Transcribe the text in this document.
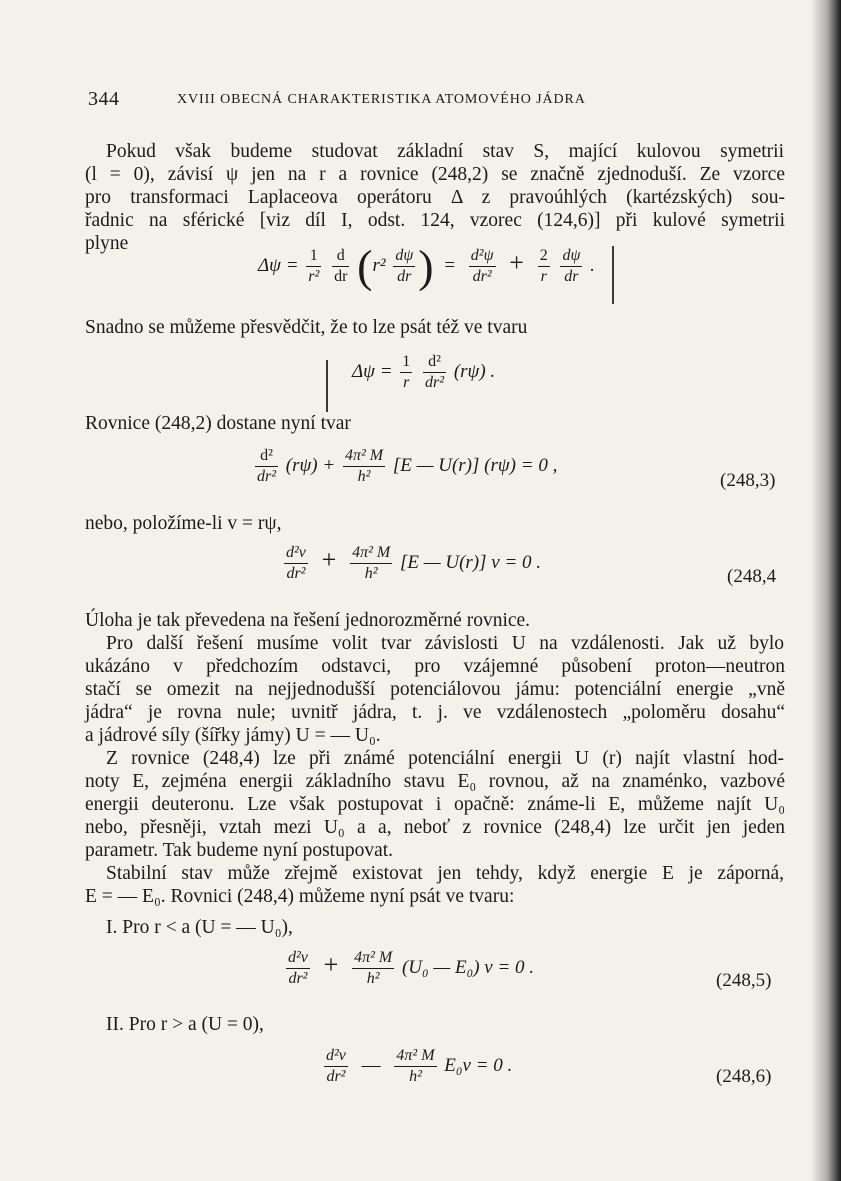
344	XVIII OBECNÁ CHARAKTERISTIKA ATOMOVÉHO JÁDRA
Pokud však budeme studovat základní stav S, mající kulovou symetrii
(l = 0), závisí ψ jen na r a rovnice (248,2) se značně zjednoduší. Ze vzorce
pro transformaci Laplaceova operátoru Δ z pravoúhlých (kartézských) sou-
řadnic na sférické [viz díl I, odst. 124, vzorec (124,6)] při kulové symetrii
plyne
$\Delta\psi = \frac{1}{\text{r²}}$
$\frac{d}{dr} (r^2 \frac{d\psi}{dr}$ ) = $\frac{\text{d²ψ}}{\text{dr²}} + \frac{2}{r}$
$\frac{d\psi}{dr}$ .
Snadno se můžeme přesvědčit, že to lze psát též ve tvaru
$\Delta\psi = \frac{1}{r}$
$\frac{\text{d²}}{\text{dr²}} (r\psi)$ .
Rovnice (248,2) dostane nyní tvar
$\frac{\text{d²}}{\text{dr²}} (r\psi) + \frac{\text{4π² M}}{\text{h²}} [E$ — U(r)] (rψ) = 0 ,
(248,3)
nebo, položíme-li v = rψ,
$\frac{\text{d²v}}{\text{dr²}} + \frac{\text{4π² M}}{\text{h²}} [E$ — U(r)] v = 0 .
(248,4
Úloha je tak převedena na řešení jednorozměrné rovnice.
Pro další řešení musíme volit tvar závislosti U na vzdálenosti. Jak už bylo
ukázáno v předchozím odstavci, pro vzájemné působení proton—neutron
stačí se omezit na nejjednodušší potenciálovou jámu: potenciální energie „vně
jádra“ je rovna nule; uvnitř jádra, t. j. ve vzdálenostech „poloměru dosahu“
a jádrové síly (šířky jámy) U = — U₀.
Z rovnice (248,4) lze při známé potenciální energii U (r) najít vlastní hod-
noty E, zejména energii základního stavu E₀ rovnou, až na znaménko, vazbové
energii deuteronu. Lze však postupovat i opačně: známe-li E, můžeme najít U₀
nebo, přesněji, vztah mezi U₀ a a, neboť z rovnice (248,4) lze určit jen jeden
parametr. Tak budeme nyní postupovat.
Stabilní stav může zřejmě existovat jen tehdy, když energie E je záporná,
E = — E₀. Rovnici (248,4) můžeme nyní psát ve tvaru:
I. Pro r < a (U = — U₀),
$\frac{\text{d²v}}{\text{dr²}} + \frac{\text{4π² M}}{\text{h²}} (U_0$ — E₀) v = 0 .
(248,5)
II. Pro r > a (U = 0),
$\frac{\text{d²v}}{\text{dr²}}$ — $\frac{\text{4π² M}}{\text{h²}} E_0v = 0$ .
(248,6)
